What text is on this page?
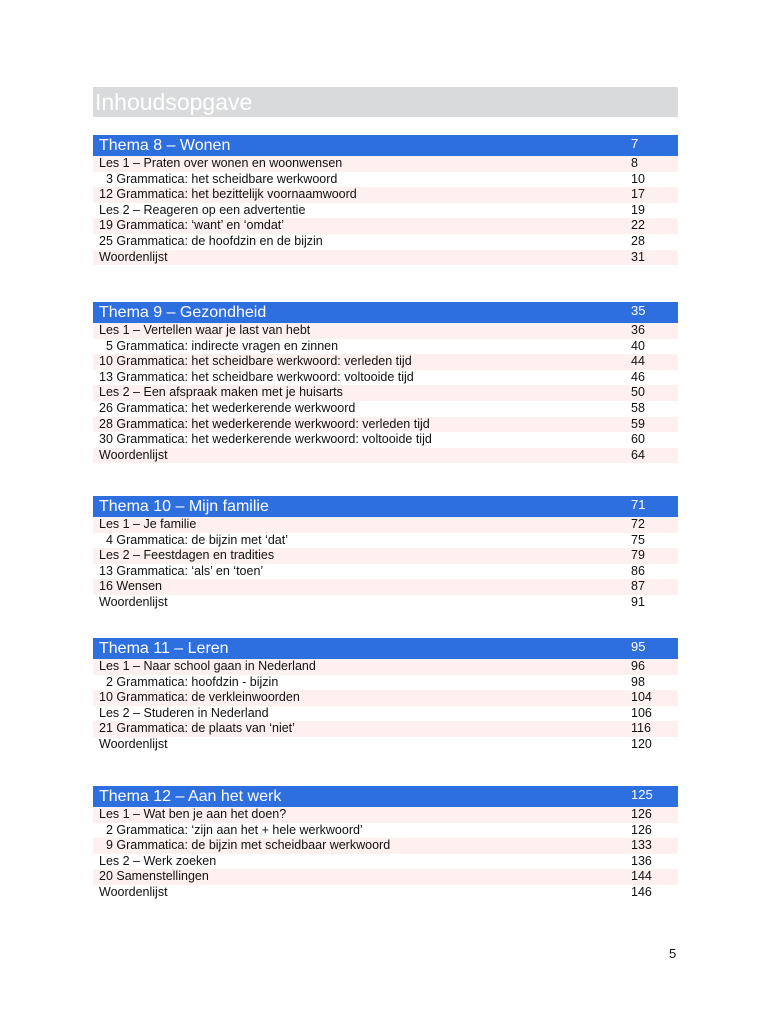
Inhoudsopgave
Thema 8 – Wonen	7
Les 1 – Praten over wonen en woonwensen	8
3 Grammatica: het scheidbare werkwoord	10
12 Grammatica: het bezittelijk voornaamwoord	17
Les 2 – Reageren op een advertentie	19
19 Grammatica: ‘want’ en ‘omdat’	22
25 Grammatica: de hoofdzin en de bijzin	28
Woordenlijst	31
Thema 9 – Gezondheid	35
Les 1 – Vertellen waar je last van hebt	36
5 Grammatica: indirecte vragen en zinnen	40
10 Grammatica: het scheidbare werkwoord: verleden tijd	44
13 Grammatica: het scheidbare werkwoord: voltooide tijd	46
Les 2 – Een afspraak maken met je huisarts	50
26 Grammatica: het wederkerende werkwoord	58
28 Grammatica: het wederkerende werkwoord: verleden tijd	59
30 Grammatica: het wederkerende werkwoord: voltooide tijd	60
Woordenlijst	64
Thema 10 – Mijn familie	71
Les 1 – Je familie	72
4 Grammatica: de bijzin met ‘dat’	75
Les 2 – Feestdagen en tradities	79
13 Grammatica: ‘als’ en ‘toen’	86
16 Wensen	87
Woordenlijst	91
Thema 11 – Leren	95
Les 1 – Naar school gaan in Nederland	96
2 Grammatica: hoofdzin - bijzin	98
10 Grammatica: de verkleinwoorden	104
Les 2 – Studeren in Nederland	106
21 Grammatica: de plaats van ‘niet’	116
Woordenlijst	120
Thema 12 – Aan het werk	125
Les 1 – Wat ben je aan het doen?	126
2 Grammatica: ‘zijn aan het + hele werkwoord’	126
9 Grammatica: de bijzin met scheidbaar werkwoord	133
Les 2 – Werk zoeken	136
20 Samenstellingen	144
Woordenlijst	146
5
